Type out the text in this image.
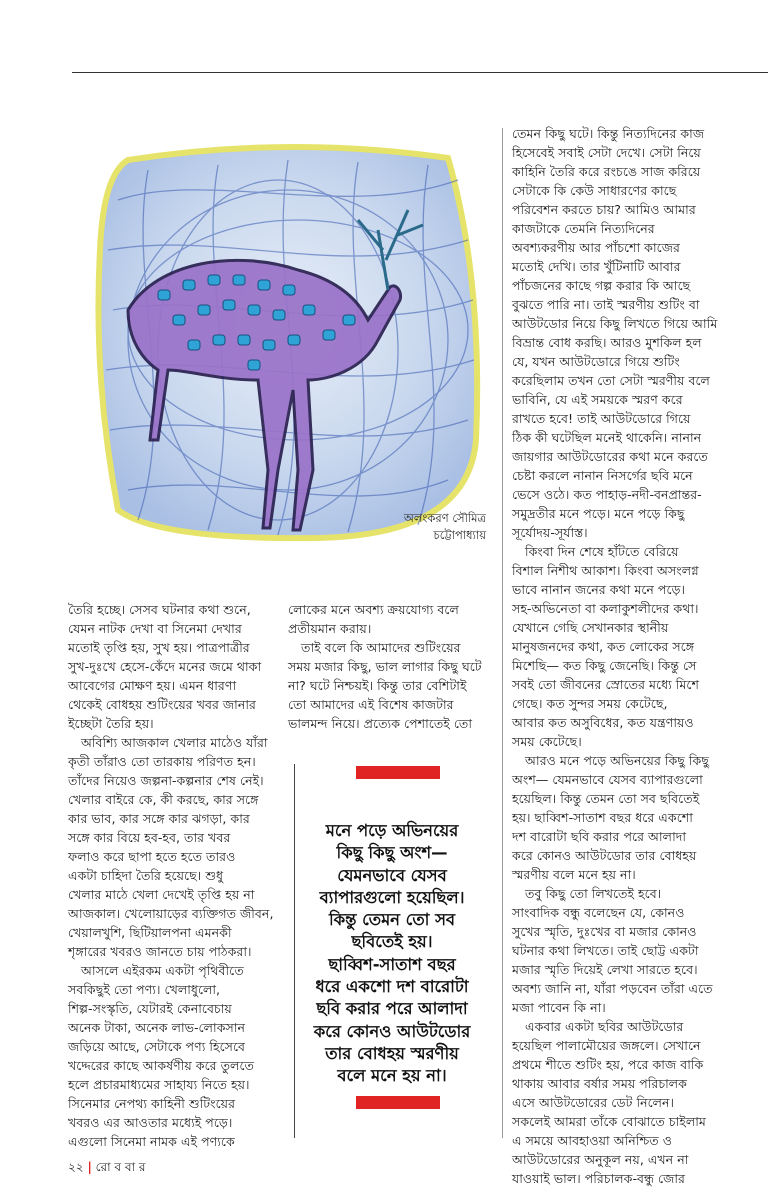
অলংকরণ সৌমিত্র
চট্টোপাধ্যায়

তৈরি হচ্ছে। সেসব ঘটনার কথা শুনে,

যেমন নাটক দেখা বা সিনেমা দেখার

মতোই তৃপ্তি হয়, সুখ হয়। পাত্রপাত্রীর

সুখ-দুঃখে হেসে-কেঁদে মনের জমে থাকা

আবেগের মোক্ষণ হয়। এমন ধারণা

থেকেই বোধহয় শুটিংয়ের খবর জানার

ইচ্ছেটা তৈরি হয়।

অবিশ্যি আজকাল খেলার মাঠেও যাঁরা

কৃতী তাঁরাও তো তারকায় পরিণত হন।

তাঁদের নিয়েও জল্পনা-কল্পনার শেষ নেই।

খেলার বাইরে কে, কী করছে, কার সঙ্গে

কার ভাব, কার সঙ্গে কার ঝগড়া, কার

সঙ্গে কার বিয়ে হব-হব, তার খবর

ফলাও করে ছাপা হতে হতে তারও

একটা চাহিদা তৈরি হয়েছে। শুধু

খেলার মাঠে খেলা দেখেই তৃপ্তি হয় না

আজকাল। খেলোয়াড়ের ব্যক্তিগত জীবন,

খেয়ালখুশি, ছিটিয়ালপনা এমনকী

শৃঙ্গারের খবরও জানতে চায় পাঠকরা।

আসলে এইরকম একটা পৃথিবীতে

সবকিছুই তো পণ্য। খেলাধুলো,

শিল্প-সংস্কৃতি, যেটারই কেনাবেচায়

অনেক টাকা, অনেক লাভ-লোকসান

জড়িয়ে আছে, সেটাকে পণ্য হিসেবে

খদ্দেরের কাছে আকর্ষণীয় করে তুলতে

হলে প্রচারমাধ্যমের সাহায্য নিতে হয়।

সিনেমার নেপথ্য কাহিনী শুটিংয়ের

খবরও এর আওতার মধ্যেই পড়ে।

এগুলো সিনেমা নামক এই পণ্যকে

লোকের মনে অবশ্য ক্রয়যোগ্য বলে

প্রতীয়মান করায়।

তাই বলে কি আমাদের শুটিংয়ের

সময় মজার কিছু, ভাল লাগার কিছু ঘটে

না? ঘটে নিশ্চয়ই। কিন্তু তার বেশিটাই

তো আমাদের এই বিশেষ কাজটার

ভালমন্দ নিয়ে। প্রত্যেক পেশাতেই তো

মনে পড়ে অভিনয়ের

কিছু কিছু অংশ—

যেমনভাবে যেসব

ব্যাপারগুলো হয়েছিল।

কিন্তু তেমন তো সব

ছবিতেই হয়।

ছাব্বিশ-সাতাশ বছর

ধরে একশো দশ বারোটা

ছবি করার পরে আলাদা

করে কোনও আউটডোর

তার বোধহয় স্মরণীয়

বলে মনে হয় না।

তেমন কিছু ঘটে। কিন্তু নিত্যদিনের কাজ

হিসেবেই সবাই সেটা দেখে। সেটা নিয়ে

কাহিনি তৈরি করে রংচঙে সাজ করিয়ে

সেটাকে কি কেউ সাধারণের কাছে

পরিবেশন করতে চায়? আমিও আমার

কাজটাকে তেমনি নিত্যদিনের

অবশ্যকরণীয় আর পাঁচশো কাজের

মতোই দেখি। তার খুঁটিনাটি আবার

পাঁচজনের কাছে গল্প করার কি আছে

বুঝতে পারি না। তাই স্মরণীয় শুটিং বা

আউটডোর নিয়ে কিছু লিখতে গিয়ে আমি

বিভ্রান্ত বোধ করছি। আরও মুশকিল হল

যে, যখন আউটডোরে গিয়ে শুটিং

করেছিলাম তখন তো সেটা স্মরণীয় বলে

ভাবিনি, যে এই সময়কে স্মরণ করে

রাখতে হবে! তাই আউটডোরে গিয়ে

ঠিক কী ঘটেছিল মনেই থাকেনি। নানান

জায়গার আউটডোরের কথা মনে করতে

চেষ্টা করলে নানান নিসর্গের ছবি মনে

ভেসে ওঠে। কত পাহাড়-নদী-বনপ্রান্তর-

সমুদ্রতীর মনে পড়ে। মনে পড়ে কিছু

সূর্যোদয়-সূর্যাস্ত।

কিংবা দিন শেষে হাঁটতে বেরিয়ে

বিশাল নিশীথ আকাশ। কিংবা অসংলগ্ন

ভাবে নানান জনের কথা মনে পড়ে।

সহ-অভিনেতা বা কলাকুশলীদের কথা।

যেখানে গেছি সেখানকার স্থানীয়

মানুষজনদের কথা, কত লোকের সঙ্গে

মিশেছি— কত কিছু জেনেছি। কিন্তু সে

সবই তো জীবনের স্রোতের মধ্যে মিশে

গেছে। কত সুন্দর সময় কেটেছে,

আবার কত অসুবিধের, কত যন্ত্রণায়ও

সময় কেটেছে।

আরও মনে পড়ে অভিনয়ের কিছু কিছু

অংশ— যেমনভাবে যেসব ব্যাপারগুলো

হয়েছিল। কিন্তু তেমন তো সব ছবিতেই

হয়। ছাব্বিশ-সাতাশ বছর ধরে একশো

দশ বারোটা ছবি করার পরে আলাদা

করে কোনও আউটডোর তার বোধহয়

স্মরণীয় বলে মনে হয় না।

তবু কিছু তো লিখতেই হবে।

সাংবাদিক বন্ধু বলেছেন যে, কোনও

সুখের স্মৃতি, দুঃখের বা মজার কোনও

ঘটনার কথা লিখতে। তাই ছোট্ট একটা

মজার স্মৃতি দিয়েই লেখা সারতে হবে।

অবশ্য জানি না, যাঁরা পড়বেন তাঁরা এতে

মজা পাবেন কি না।

একবার একটা ছবির আউটডোর

হয়েছিল পালামৌয়ের জঙ্গলে। সেখানে

প্রথমে শীতে শুটিং হয়, পরে কাজ বাকি

থাকায় আবার বর্ষার সময় পরিচালক

এসে আউটডোরের ডেট নিলেন।

সকলেই আমরা তাঁকে বোঝাতে চাইলাম

এ সময়ে আবহাওয়া অনিশ্চিত ও

আউটডোরের অনুকূল নয়, এখন না

যাওয়াই ভাল। পরিচালক-বন্ধু জোর

২২ | রো ব বা র
